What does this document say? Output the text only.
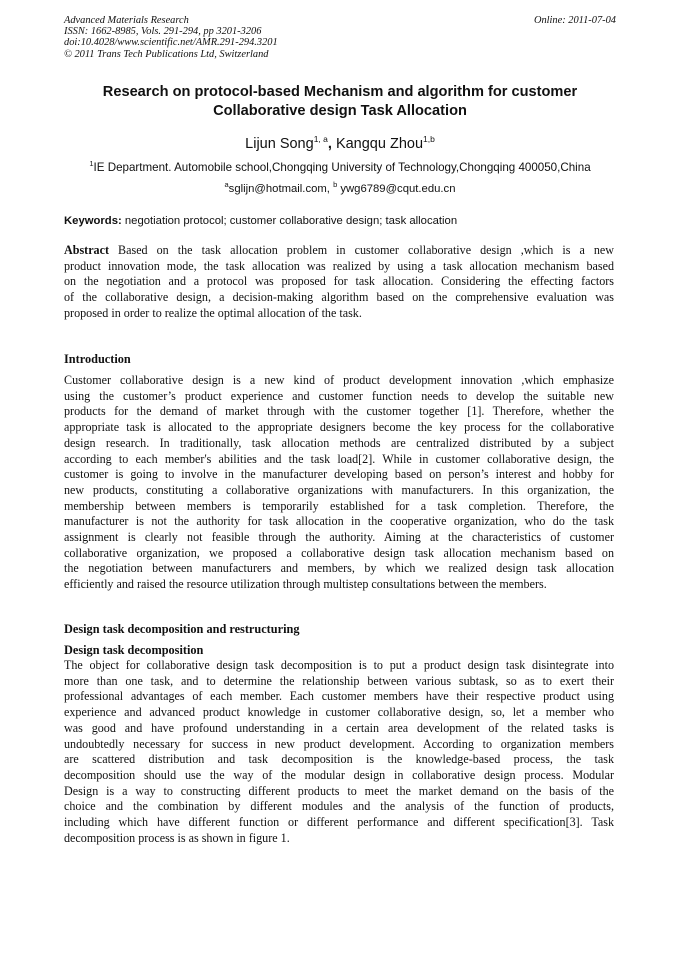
Advanced Materials Research
ISSN: 1662-8985, Vols. 291-294, pp 3201-3206
doi:10.4028/www.scientific.net/AMR.291-294.3201
© 2011 Trans Tech Publications Ltd, Switzerland
Online: 2011-07-04
Research on protocol-based Mechanism and algorithm for customer
Collaborative design Task Allocation
Lijun Song$^{1, a}$, Kangqu Zhou$^{1,b}$
$^1$IE Department. Automobile school,Chongqing University of Technology,Chongqing 400050,China
$^a$sglijn@hotmail.com, $^b$ ywg6789@cqut.edu.cn
Keywords: negotiation protocol; customer collaborative design; task allocation
Abstract Based on the task allocation problem in customer collaborative design ,which is a new
product innovation mode, the task allocation was realized by using a task allocation mechanism based
on the negotiation and a protocol was proposed for task allocation. Considering the effecting factors
of the collaborative design, a decision-making algorithm based on the comprehensive evaluation was
proposed in order to realize the optimal allocation of the task.
Introduction
Customer collaborative design is a new kind of product development innovation ,which emphasize
using the customer’s product experience and customer function needs to develop the suitable new
products for the demand of market through with the customer together [1]. Therefore, whether the
appropriate task is allocated to the appropriate designers become the key process for the collaborative
design research. In traditionally, task allocation methods are centralized distributed by a subject
according to each member's abilities and the task load[2]. While in customer collaborative design, the
customer is going to involve in the manufacturer developing based on person’s interest and hobby for
new products, constituting a collaborative organizations with manufacturers. In this organization, the
membership between members is temporarily established for a task completion. Therefore, the
manufacturer is not the authority for task allocation in the cooperative organization, who do the task
assignment is clearly not feasible through the authority. Aiming at the characteristics of customer
collaborative organization, we proposed a collaborative design task allocation mechanism based on
the negotiation between manufacturers and members, by which we realized design task allocation
efficiently and raised the resource utilization through multistep consultations between the members.
Design task decomposition and restructuring
Design task decomposition
The object for collaborative design task decomposition is to put a product design task disintegrate into
more than one task, and to determine the relationship between various subtask, so as to exert their
professional advantages of each member. Each customer members have their respective product using
experience and advanced product knowledge in customer collaborative design, so, let a member who
was good and have profound understanding in a certain area development of the related tasks is
undoubtedly necessary for success in new product development. According to organization members
are scattered distribution and task decomposition is the knowledge-based process, the task
decomposition should use the way of the modular design in collaborative design process. Modular
Design is a way to constructing different products to meet the market demand on the basis of the
choice and the combination by different modules and the analysis of the function of products,
including which have different function or different performance and different specification[3]. Task
decomposition process is as shown in figure 1.
